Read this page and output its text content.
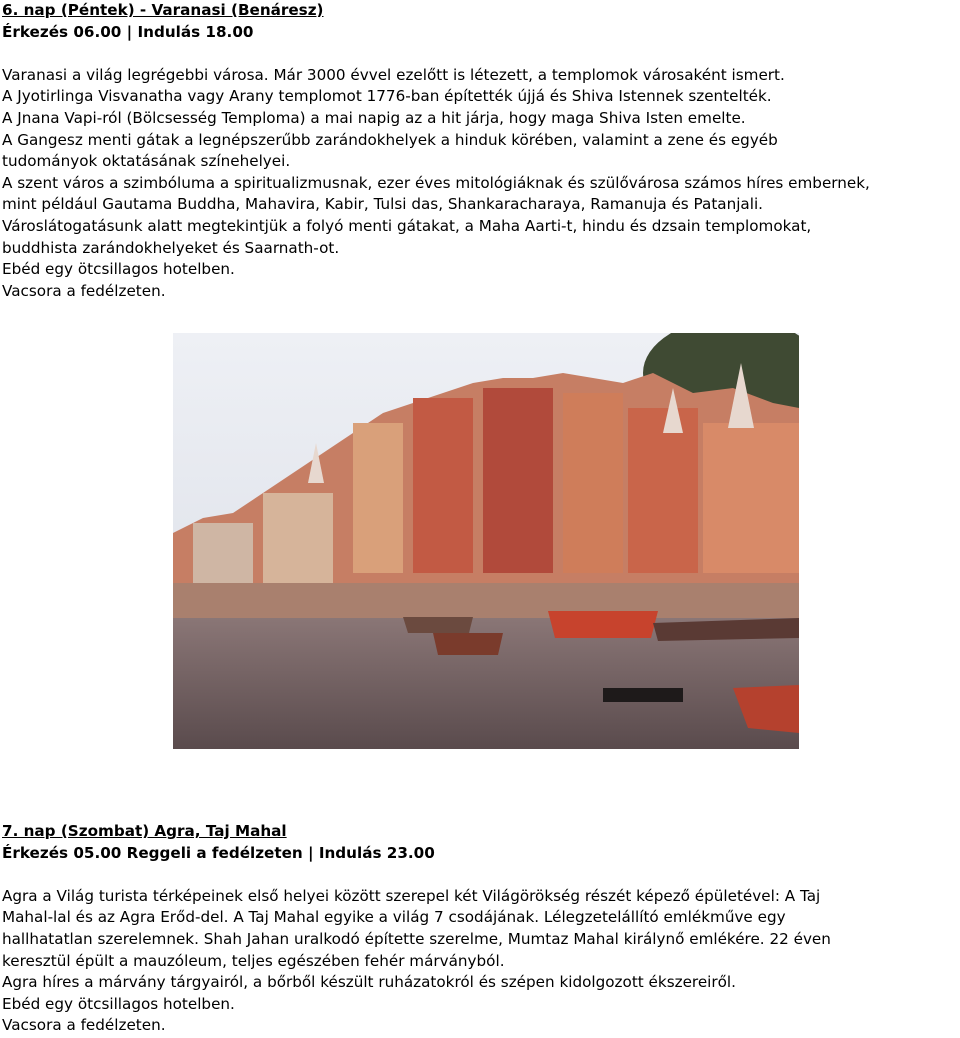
6. nap (Péntek) - Varanasi (Benáresz)
Érkezés 06.00 | Indulás 18.00
Varanasi a világ legrégebbi városa. Már 3000 évvel ezelőtt is létezett, a templomok városaként ismert.
A Jyotirlinga Visvanatha vagy Arany templomot 1776-ban építették újjá és Shiva Istennek szentelték.
A Jnana Vapi-ról (Bölcsesség Temploma) a mai napig az a hit járja, hogy maga Shiva Isten emelte.
A Gangesz menti gátak a legnépszerűbb zarándokhelyek a hinduk körében, valamint a zene és egyéb
tudományok oktatásának színehelyei.
A szent város a szimbóluma a spiritualizmusnak, ezer éves mitológiáknak és szülővárosa számos híres embernek,
mint például Gautama Buddha, Mahavira, Kabir, Tulsi das, Shankaracharaya, Ramanuja és Patanjali.
Városlátogatásunk alatt megtekintjük a folyó menti gátakat, a Maha Aarti-t, hindu és dzsain templomokat,
buddhista zarándokhelyeket és Saarnath-ot.
Ebéd egy ötcsillagos hotelben.
Vacsora a fedélzeten.
7. nap (Szombat) Agra, Taj Mahal
Érkezés 05.00 Reggeli a fedélzeten | Indulás 23.00
Agra a Világ turista térképeinek első helyei között szerepel két Világörökség részét képező épületével: A Taj
Mahal-lal és az Agra Erőd-del. A Taj Mahal egyike a világ 7 csodájának. Lélegzetelállító emlékműve egy
hallhatatlan szerelemnek. Shah Jahan uralkodó építette szerelme, Mumtaz Mahal királynő emlékére. 22 éven
keresztül épült a mauzóleum, teljes egészében fehér márványból.
Agra híres a márvány tárgyairól, a bőrből készült ruházatokról és szépen kidolgozott ékszereiről.
Ebéd egy ötcsillagos hotelben.
Vacsora a fedélzeten.
